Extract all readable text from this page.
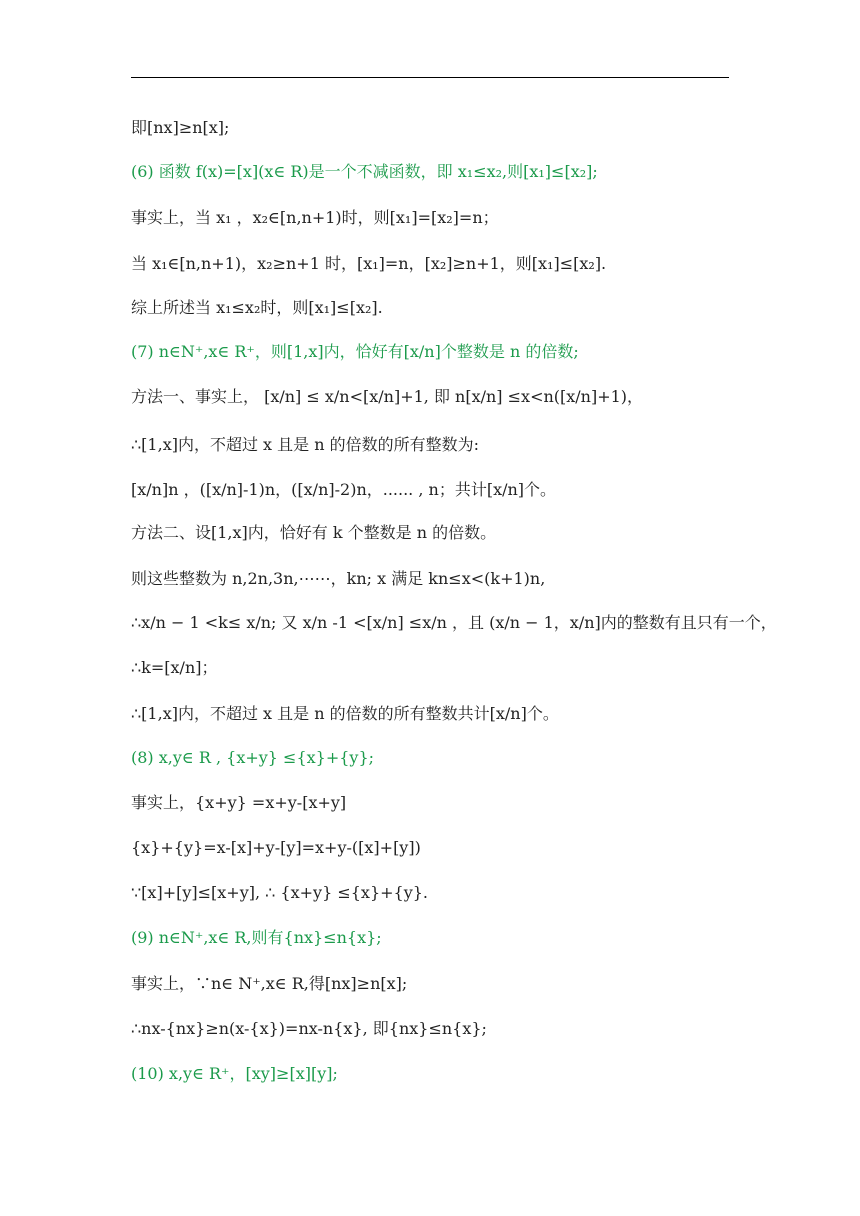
即[nx]≥n[x];
(6) 函数 f(x)=[x](x∈ R)是一个不减函数，即 x₁≤x₂,则[x₁]≤[x₂];
事实上，当 x₁ ，x₂∈[n,n+1)时，则[x₁]=[x₂]=n；
当 x₁∈[n,n+1)，x₂≥n+1 时，[x₁]=n，[x₂]≥n+1，则[x₁]≤[x₂].
综上所述当 x₁≤x₂时，则[x₁]≤[x₂].
(7) n∈N⁺,x∈ R⁺，则[1,x]内，恰好有[x/n]个整数是 n 的倍数;
方法一、事实上， [x/n] ≤ x/n<[x/n]+1, 即 n[x/n] ≤x<n([x/n]+1)，
∴[1,x]内，不超过 x 且是 n 的倍数的所有整数为:
[x/n]n ，([x/n]-1)n，([x/n]-2)n，...... , n；共计[x/n]个。
方法二、设[1,x]内，恰好有 k 个整数是 n 的倍数。
则这些整数为 n,2n,3n,⋯⋯，kn; x 满足 kn≤x<(k+1)n,
∴x/n − 1 <k≤ x/n; 又 x/n -1 <[x/n] ≤x/n ，且 (x/n − 1，x/n]内的整数有且只有一个，
∴k=[x/n]；
∴[1,x]内，不超过 x 且是 n 的倍数的所有整数共计[x/n]个。
(8) x,y∈ R , {x+y} ≤{x}+{y};
事实上，{x+y} =x+y-[x+y]
{x}+{y}=x-[x]+y-[y]=x+y-([x]+[y])
∵[x]+[y]≤[x+y], ∴ {x+y} ≤{x}+{y}.
(9) n∈N⁺,x∈ R,则有{nx}≤n{x};
事实上，∵n∈ N⁺,x∈ R,得[nx]≥n[x];
∴nx-{nx}≥n(x-{x})=nx-n{x}, 即{nx}≤n{x};
(10) x,y∈ R⁺，[xy]≥[x][y];
